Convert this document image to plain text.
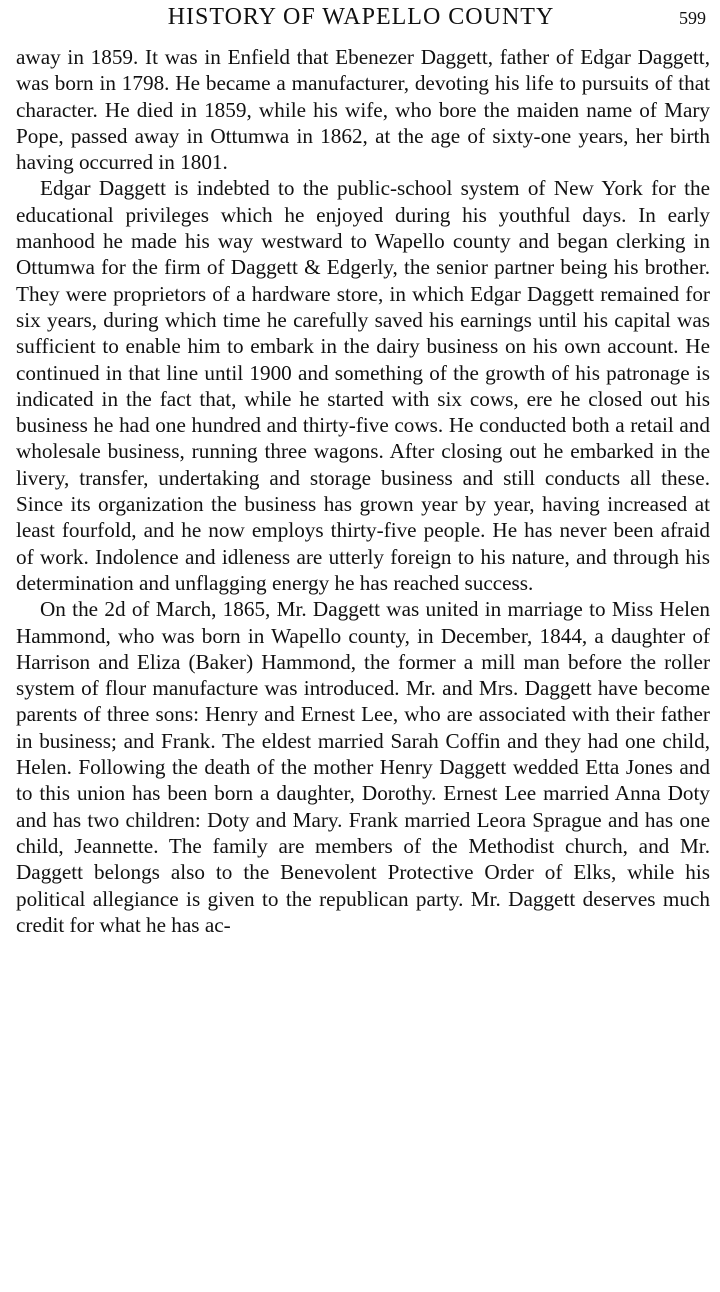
HISTORY OF WAPELLO COUNTY	599

away in 1859. It was in Enfield that Ebenezer Daggett, father of Edgar Daggett, was born in 1798. He became a manufacturer, devoting his life to pursuits of that character. He died in 1859, while his wife, who bore the maiden name of Mary Pope, passed away in Ottumwa in 1862, at the age of sixty-one years, her birth having occurred in 1801.

Edgar Daggett is indebted to the public-school system of New York for the educational privileges which he enjoyed during his youthful days. In early manhood he made his way westward to Wapello county and began clerking in Ottumwa for the firm of Daggett & Edgerly, the senior partner being his brother. They were proprietors of a hardware store, in which Edgar Daggett remained for six years, during which time he carefully saved his earnings until his capital was sufficient to enable him to embark in the dairy business on his own account. He continued in that line until 1900 and something of the growth of his patronage is indicated in the fact that, while he started with six cows, ere he closed out his business he had one hundred and thirty-five cows. He conducted both a retail and wholesale business, running three wagons. After closing out he embarked in the livery, transfer, undertaking and storage business and still conducts all these. Since its organization the business has grown year by year, having increased at least fourfold, and he now employs thirty-five people. He has never been afraid of work. Indolence and idleness are utterly foreign to his nature, and through his determination and unflagging energy he has reached success.

On the 2d of March, 1865, Mr. Daggett was united in marriage to Miss Helen Hammond, who was born in Wapello county, in December, 1844, a daughter of Harrison and Eliza (Baker) Hammond, the former a mill man before the roller system of flour manufacture was introduced. Mr. and Mrs. Daggett have become parents of three sons: Henry and Ernest Lee, who are associated with their father in business; and Frank. The eldest married Sarah Coffin and they had one child, Helen. Following the death of the mother Henry Daggett wedded Etta Jones and to this union has been born a daughter, Dorothy. Ernest Lee married Anna Doty and has two children: Doty and Mary. Frank married Leora Sprague and has one child, Jeannette. The family are members of the Methodist church, and Mr. Daggett belongs also to the Benevolent Protective Order of Elks, while his political allegiance is given to the republican party. Mr. Daggett deserves much credit for what he has ac-
